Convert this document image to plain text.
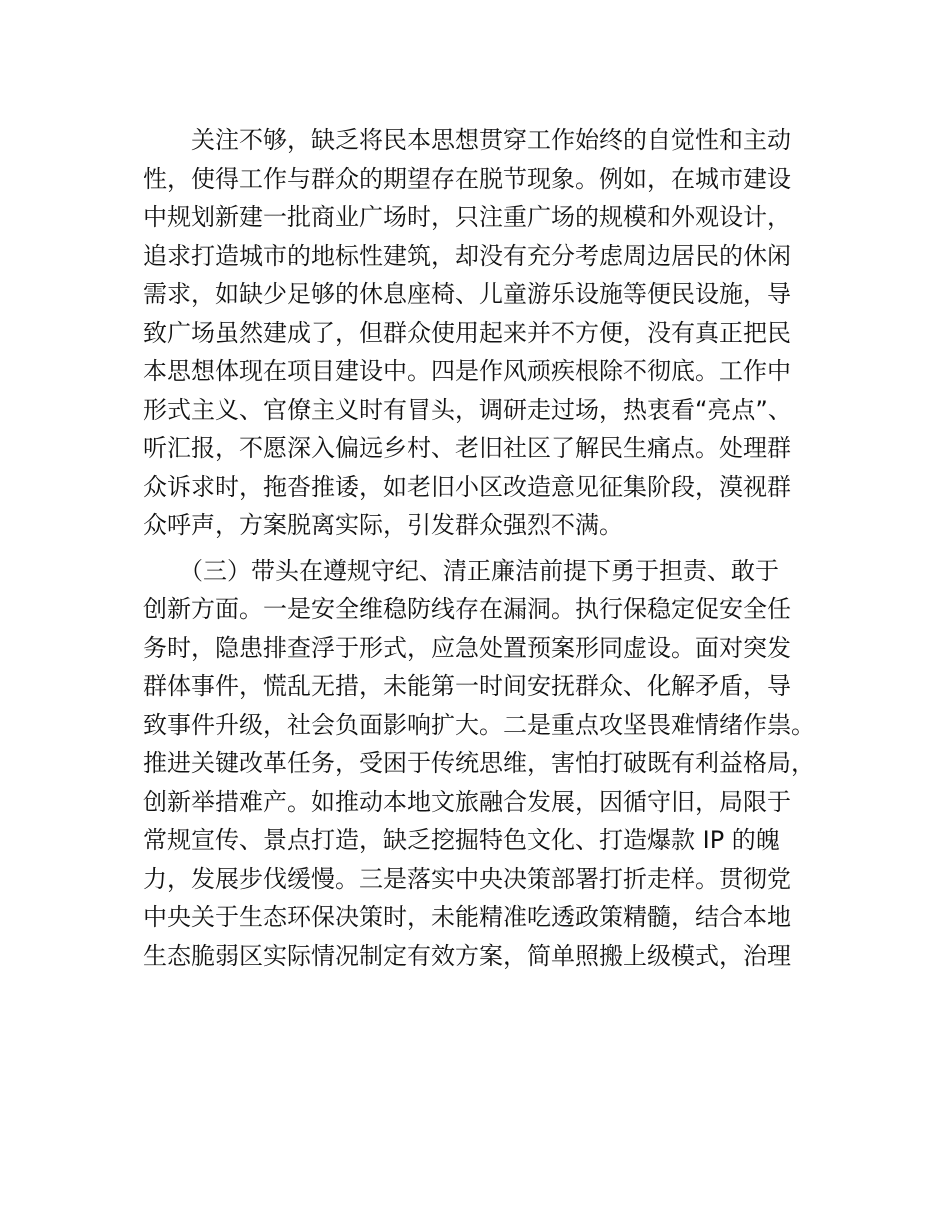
　　关注不够，缺乏将民本思想贯穿工作始终的自觉性和主动
性，使得工作与群众的期望存在脱节现象。例如，在城市建设
中规划新建一批商业广场时，只注重广场的规模和外观设计，
追求打造城市的地标性建筑，却没有充分考虑周边居民的休闲
需求，如缺少足够的休息座椅、儿童游乐设施等便民设施，导
致广场虽然建成了，但群众使用起来并不方便，没有真正把民
本思想体现在项目建设中。四是作风顽疾根除不彻底。工作中
形式主义、官僚主义时有冒头，调研走过场，热衷看“亮点”、
听汇报，不愿深入偏远乡村、老旧社区了解民生痛点。处理群
众诉求时，拖沓推诿，如老旧小区改造意见征集阶段，漠视群
众呼声，方案脱离实际，引发群众强烈不满。
　　（三）带头在遵规守纪、清正廉洁前提下勇于担责、敢于
创新方面。一是安全维稳防线存在漏洞。执行保稳定促安全任
务时，隐患排查浮于形式，应急处置预案形同虚设。面对突发
群体事件，慌乱无措，未能第一时间安抚群众、化解矛盾，导
致事件升级，社会负面影响扩大。二是重点攻坚畏难情绪作祟。
推进关键改革任务，受困于传统思维，害怕打破既有利益格局，
创新举措难产。如推动本地文旅融合发展，因循守旧，局限于
常规宣传、景点打造，缺乏挖掘特色文化、打造爆款 IP 的魄
力，发展步伐缓慢。三是落实中央决策部署打折走样。贯彻党
中央关于生态环保决策时，未能精准吃透政策精髓，结合本地
生态脆弱区实际情况制定有效方案，简单照搬上级模式，治理
